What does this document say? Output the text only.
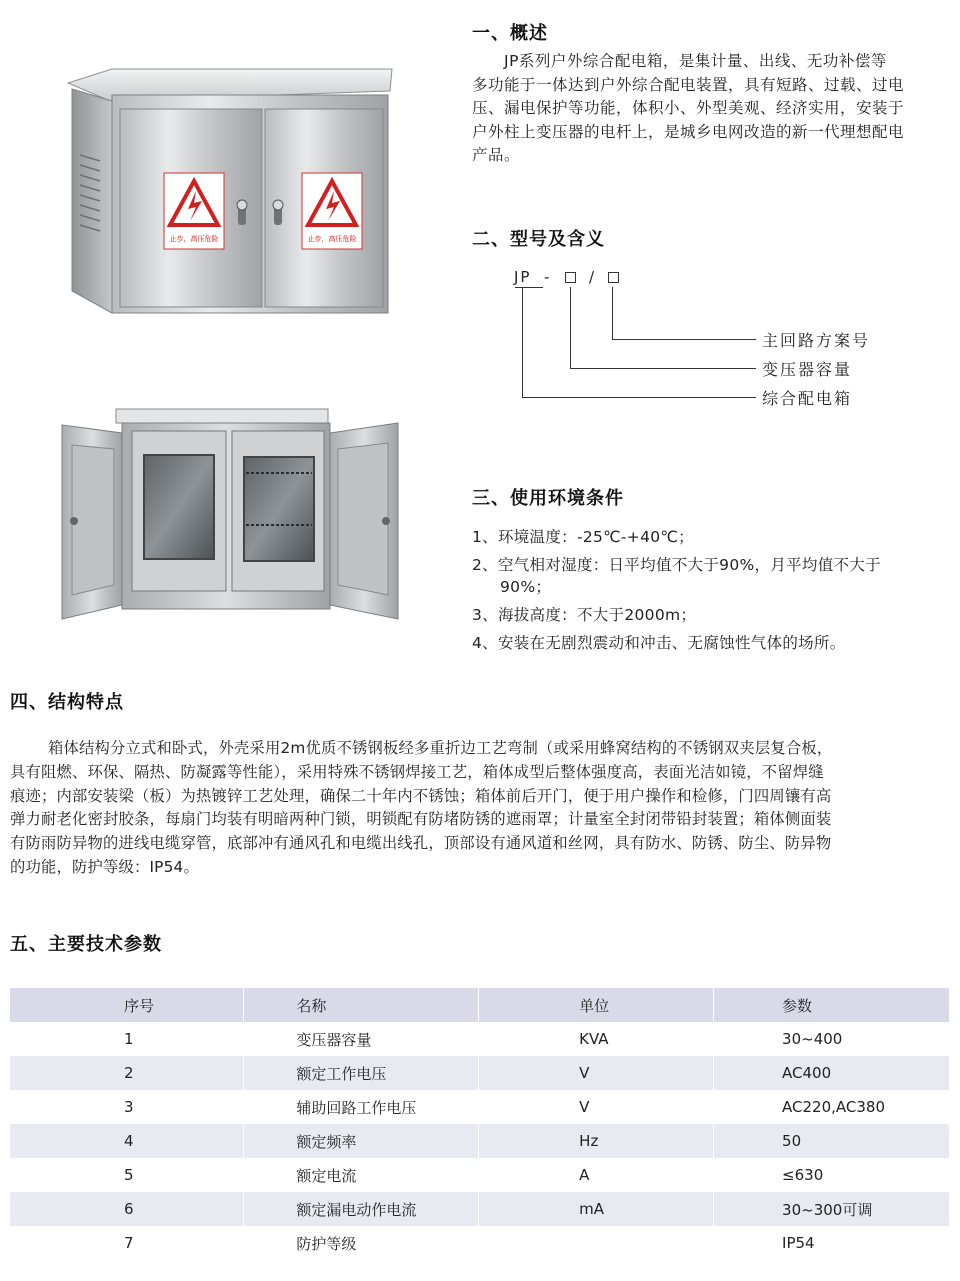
止步，高压危险	止步，高压危险
一、概述
JP系列户外综合配电箱，是集计量、出线、无功补偿等
多功能于一体达到户外综合配电装置，具有短路、过载、过电
压、漏电保护等功能，体积小、外型美观、经济实用，安装于
户外柱上变压器的电杆上，是城乡电网改造的新一代理想配电
产品。
二、型号及含义
JP -	/
主回路方案号
变压器容量
综合配电箱
三、使用环境条件
1、环境温度：-25℃-+40℃；
2、空气相对湿度：日平均值不大于90%，月平均值不大于
90%；
3、海拔高度：不大于2000m；
4、安装在无剧烈震动和冲击、无腐蚀性气体的场所。
四、结构特点
箱体结构分立式和卧式，外壳采用2m优质不锈钢板经多重折边工艺弯制（或采用蜂窝结构的不锈钢双夹层复合板，
具有阻燃、环保、隔热、防凝露等性能），采用特殊不锈钢焊接工艺，箱体成型后整体强度高，表面光洁如镜，不留焊缝
痕迹；内部安装梁（板）为热镀锌工艺处理，确保二十年内不锈蚀；箱体前后开门，便于用户操作和检修，门四周镶有高
弹力耐老化密封胶条，每扇门均装有明暗两种门锁，明锁配有防堵防锈的遮雨罩；计量室全封闭带铅封装置；箱体侧面装
有防雨防异物的进线电缆穿管，底部冲有通风孔和电缆出线孔，顶部设有通风道和丝网，具有防水、防锈、防尘、防异物
的功能，防护等级：IP54。
五、主要技术参数
序号	名称	单位	参数
1	变压器容量	KVA	30~400
2	额定工作电压	V	AC400
3	辅助回路工作电压	V	AC220,AC380
4	额定频率	Hz	50
5	额定电流	A	≤630
6	额定漏电动作电流	mA	30~300可调
7	防护等级		IP54
